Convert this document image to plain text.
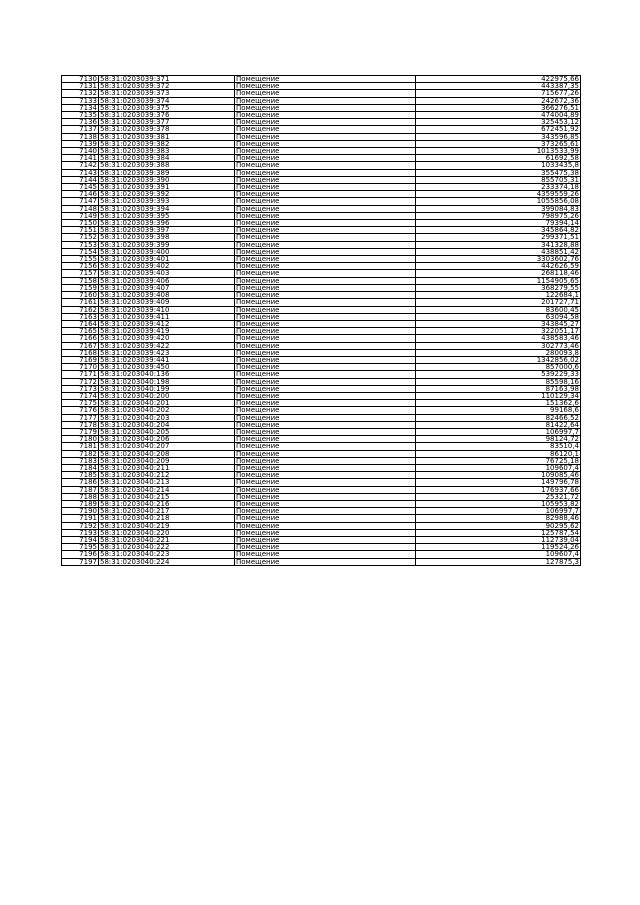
7130	58:31:0203039:371	Помещение	422975,66
7131	58:31:0203039:372	Помещение	443387,35
7132	58:31:0203039:373	Помещение	715677,26
7133	58:31:0203039:374	Помещение	242672,36
7134	58:31:0203039:375	Помещение	366276,51
7135	58:31:0203039:376	Помещение	474004,89
7136	58:31:0203039:377	Помещение	325453,12
7137	58:31:0203039:378	Помещение	672451,92
7138	58:31:0203039:381	Помещение	343596,85
7139	58:31:0203039:382	Помещение	373265,61
7140	58:31:0203039:383	Помещение	1013533,99
7141	58:31:0203039:384	Помещение	61692,58
7142	58:31:0203039:388	Помещение	1033435,8
7143	58:31:0203039:389	Помещение	355475,38
7144	58:31:0203039:390	Помещение	855705,31
7145	58:31:0203039:391	Помещение	233374,18
7146	58:31:0203039:392	Помещение	4359559,26
7147	58:31:0203039:393	Помещение	1055856,08
7148	58:31:0203039:394	Помещение	399084,83
7149	58:31:0203039:395	Помещение	798975,26
7150	58:31:0203039:396	Помещение	79394,14
7151	58:31:0203039:397	Помещение	345864,82
7152	58:31:0203039:398	Помещение	299371,51
7153	58:31:0203039:399	Помещение	341328,88
7154	58:31:0203039:400	Помещение	438851,42
7155	58:31:0203039:401	Помещение	3303602,76
7156	58:31:0203039:402	Помещение	442626,59
7157	58:31:0203039:403	Помещение	268118,46
7158	58:31:0203039:406	Помещение	1154905,65
7159	58:31:0203039:407	Помещение	368279,55
7160	58:31:0203039:408	Помещение	122684,1
7161	58:31:0203039:409	Помещение	201727,71
7162	58:31:0203039:410	Помещение	83600,45
7163	58:31:0203039:411	Помещение	63094,58
7164	58:31:0203039:412	Помещение	343845,27
7165	58:31:0203039:419	Помещение	322051,17
7166	58:31:0203039:420	Помещение	438583,46
7167	58:31:0203039:422	Помещение	302773,46
7168	58:31:0203039:423	Помещение	280093,8
7169	58:31:0203039:441	Помещение	1342856,02
7170	58:31:0203039:450	Помещение	857000,6
7171	58:31:0203040:136	Помещение	539229,33
7172	58:31:0203040:198	Помещение	85598,16
7173	58:31:0203040:199	Помещение	87163,98
7174	58:31:0203040:200	Помещение	110129,34
7175	58:31:0203040:201	Помещение	151362,6
7176	58:31:0203040:202	Помещение	99168,6
7177	58:31:0203040:203	Помещение	82466,52
7178	58:31:0203040:204	Помещение	81422,64
7179	58:31:0203040:205	Помещение	106997,7
7180	58:31:0203040:206	Помещение	98124,72
7181	58:31:0203040:207	Помещение	83510,4
7182	58:31:0203040:208	Помещение	86120,1
7183	58:31:0203040:209	Помещение	76725,18
7184	58:31:0203040:211	Помещение	109607,4
7185	58:31:0203040:212	Помещение	109085,46
7186	58:31:0203040:213	Помещение	149796,78
7187	58:31:0203040:214	Помещение	176937,66
7188	58:31:0203040:215	Помещение	25321,72
7189	58:31:0203040:216	Помещение	105953,82
7190	58:31:0203040:217	Помещение	106997,7
7191	58:31:0203040:218	Помещение	82988,46
7192	58:31:0203040:219	Помещение	90295,62
7193	58:31:0203040:220	Помещение	125787,54
7194	58:31:0203040:221	Помещение	112739,04
7195	58:31:0203040:222	Помещение	119524,26
7196	58:31:0203040:223	Помещение	109607,4
7197	58:31:0203040:224	Помещение	127875,3
